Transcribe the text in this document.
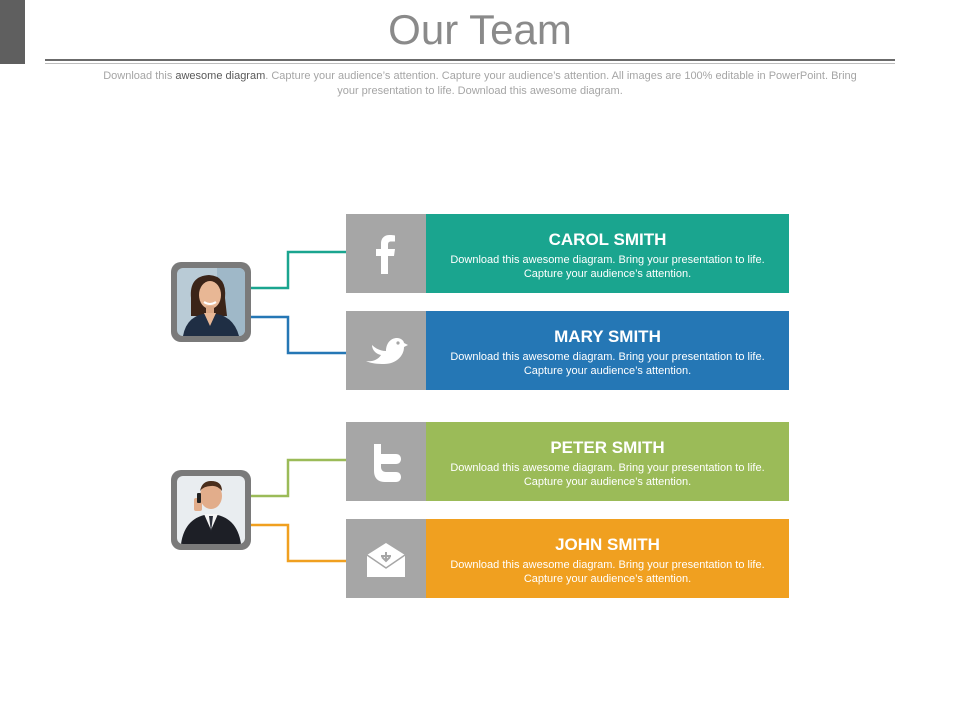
Our Team
Download this awesome diagram. Capture your audience’s attention. Capture your audience’s attention. All images are 100% editable in PowerPoint. Bring your presentation to life. Download this awesome diagram.
CAROL SMITH
Download this awesome diagram. Bring your presentation to life. Capture your audience’s attention.
MARY SMITH
Download this awesome diagram. Bring your presentation to life. Capture your audience’s attention.
PETER SMITH
Download this awesome diagram. Bring your presentation to life. Capture your audience’s attention.
JOHN SMITH
Download this awesome diagram. Bring your presentation to life. Capture your audience’s attention.
